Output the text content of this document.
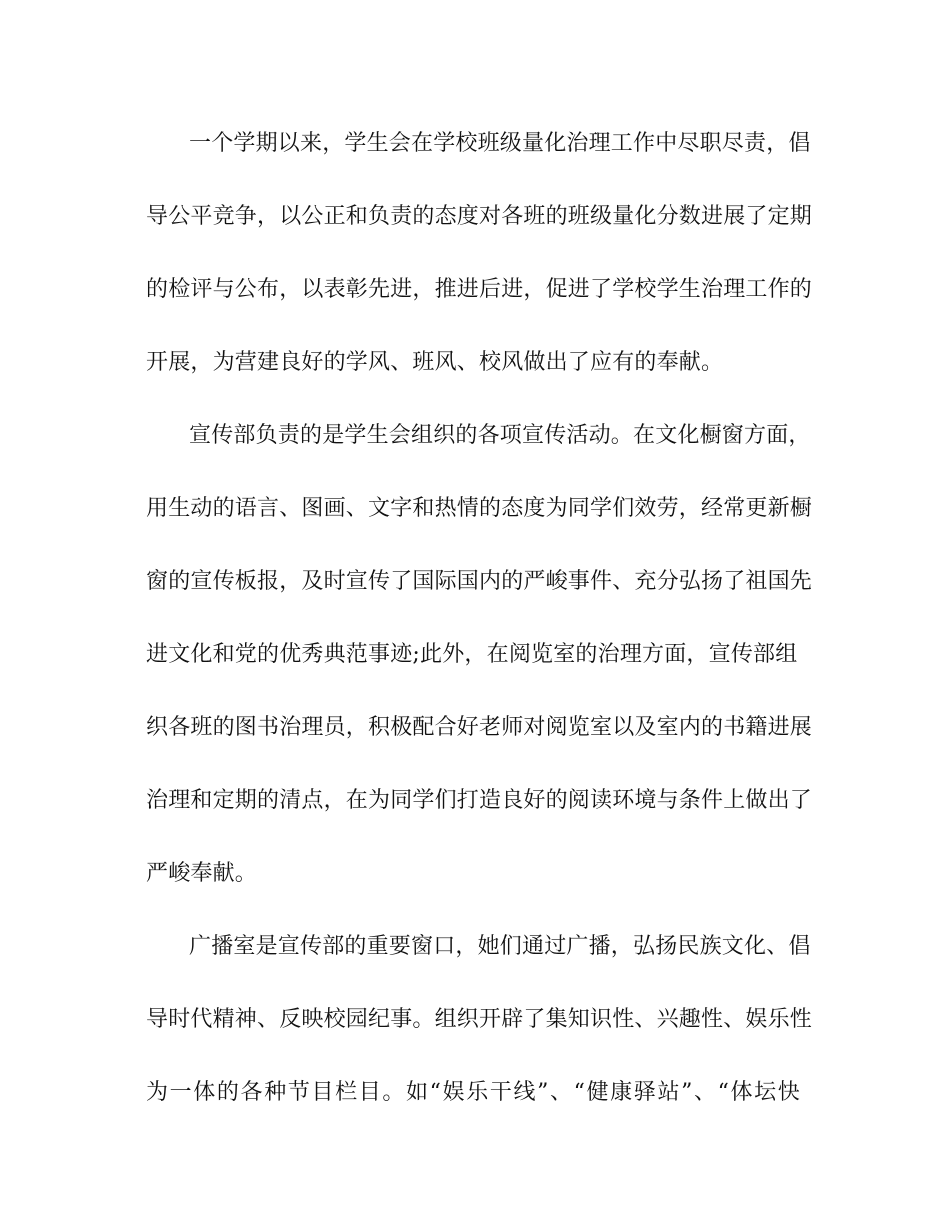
一个学期以来，学生会在学校班级量化治理工作中尽职尽责，倡
导公平竞争，以公正和负责的态度对各班的班级量化分数进展了定期
的检评与公布，以表彰先进，推进后进，促进了学校学生治理工作的
开展，为营建良好的学风、班风、校风做出了应有的奉献。
宣传部负责的是学生会组织的各项宣传活动。在文化橱窗方面，
用生动的语言、图画、文字和热情的态度为同学们效劳，经常更新橱
窗的宣传板报，及时宣传了国际国内的严峻事件、充分弘扬了祖国先
进文化和党的优秀典范事迹;此外，在阅览室的治理方面，宣传部组
织各班的图书治理员，积极配合好老师对阅览室以及室内的书籍进展
治理和定期的清点，在为同学们打造良好的阅读环境与条件上做出了
严峻奉献。
广播室是宣传部的重要窗口，她们通过广播，弘扬民族文化、倡
导时代精神、反映校园纪事。组织开辟了集知识性、兴趣性、娱乐性
为一体的各种节目栏目。如“娱乐干线”、“健康驿站”、“体坛快
